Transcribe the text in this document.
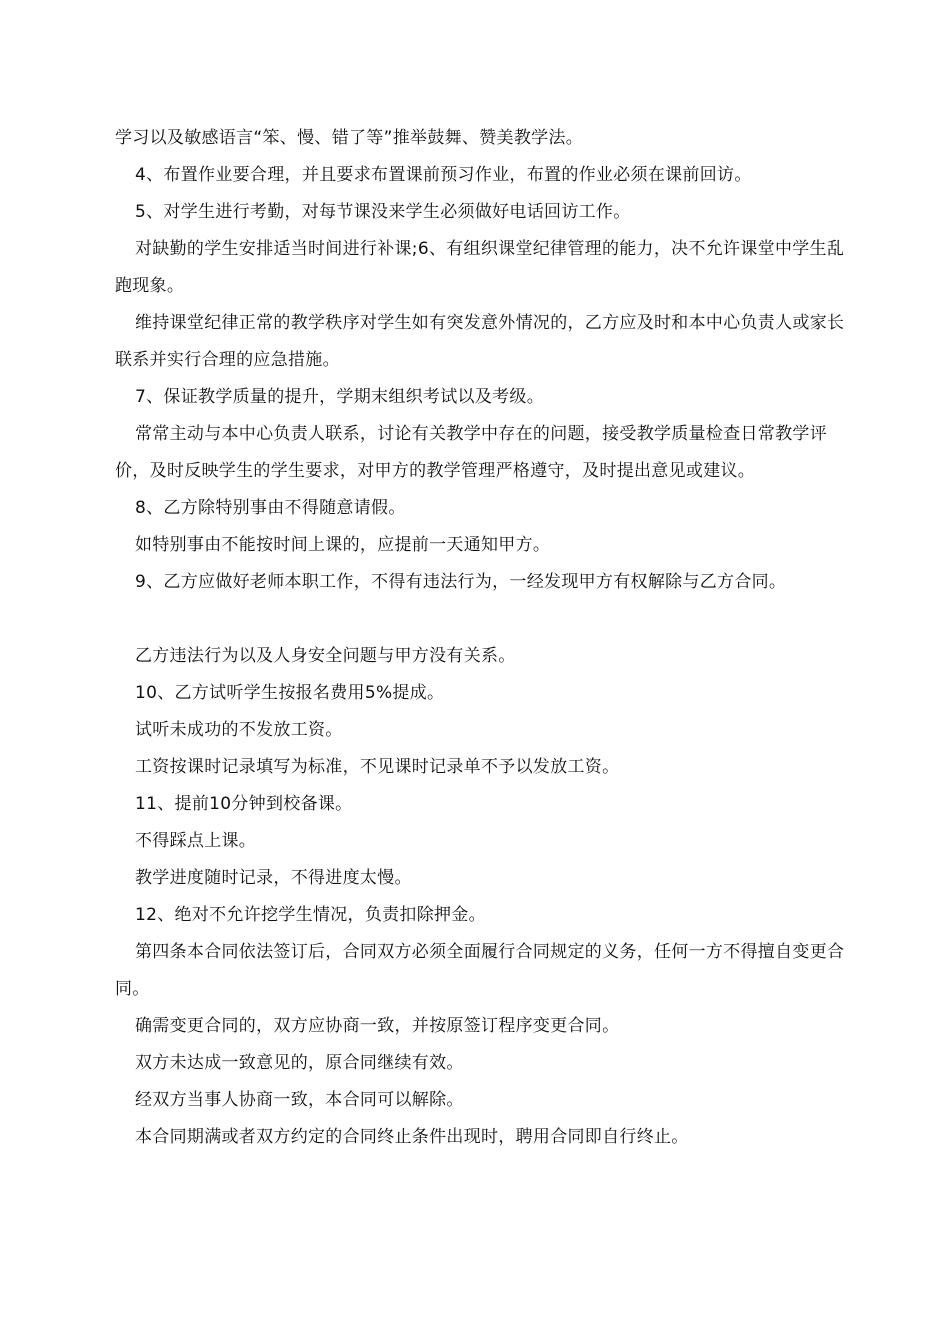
学习以及敏感语言“笨、慢、错了等”推举鼓舞、赞美教学法。

4、布置作业要合理，并且要求布置课前预习作业，布置的作业必须在课前回访。

5、对学生进行考勤，对每节课没来学生必须做好电话回访工作。

对缺勤的学生安排适当时间进行补课;6、有组织课堂纪律管理的能力，决不允许课堂中学生乱跑现象。

维持课堂纪律正常的教学秩序对学生如有突发意外情况的，乙方应及时和本中心负责人或家长联系并实行合理的应急措施。

7、保证教学质量的提升，学期末组织考试以及考级。

常常主动与本中心负责人联系，讨论有关教学中存在的问题，接受教学质量检查日常教学评价，及时反映学生的学生要求，对甲方的教学管理严格遵守，及时提出意见或建议。

8、乙方除特别事由不得随意请假。

如特别事由不能按时间上课的，应提前一天通知甲方。

9、乙方应做好老师本职工作，不得有违法行为，一经发现甲方有权解除与乙方合同。

乙方违法行为以及人身安全问题与甲方没有关系。

10、乙方试听学生按报名费用5%提成。

试听未成功的不发放工资。

工资按课时记录填写为标准，不见课时记录单不予以发放工资。

11、提前10分钟到校备课。

不得踩点上课。

教学进度随时记录，不得进度太慢。

12、绝对不允许挖学生情况，负责扣除押金。

第四条本合同依法签订后，合同双方必须全面履行合同规定的义务，任何一方不得擅自变更合同。

确需变更合同的，双方应协商一致，并按原签订程序变更合同。

双方未达成一致意见的，原合同继续有效。

经双方当事人协商一致，本合同可以解除。

本合同期满或者双方约定的合同终止条件出现时，聘用合同即自行终止。
